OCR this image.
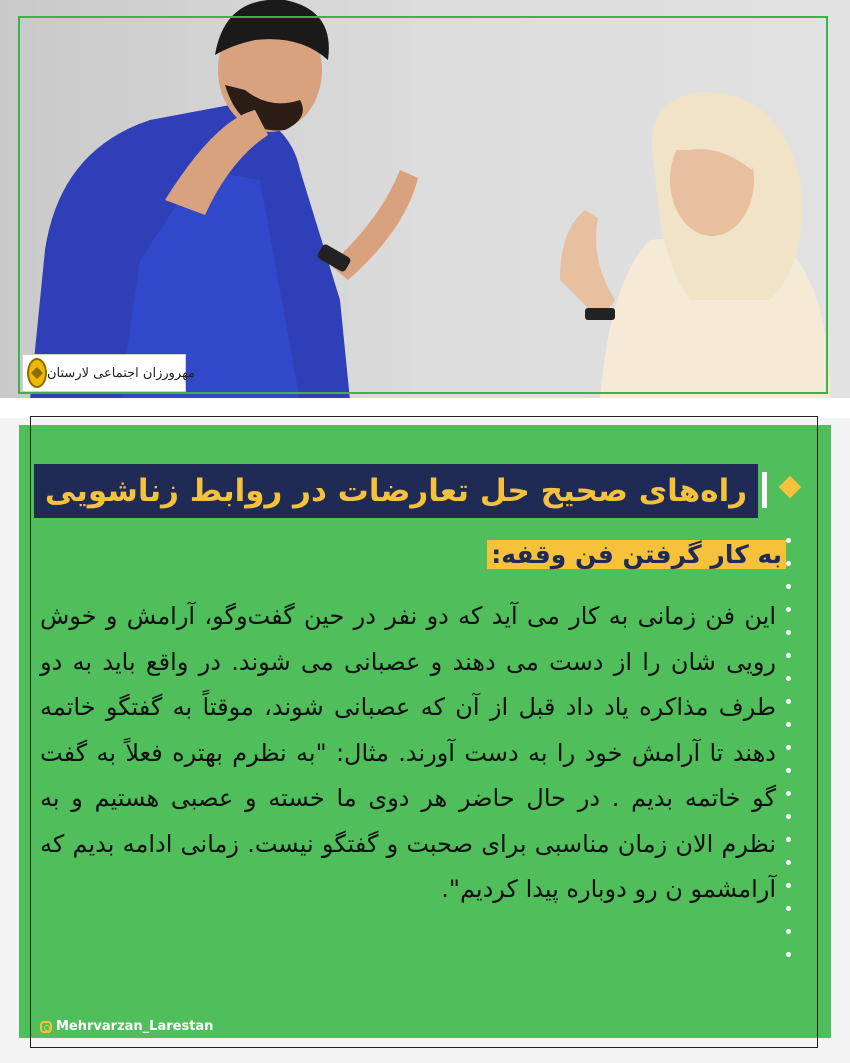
مهرورزان اجتماعی لارستان
راه‌های صحیح حل تعارضات در روابط زناشویی
به کار گرفتن فن وقفه:
این فن زمانی به کار می آید که دو نفر در حین گفت‌وگو، آرامش و خوش رویی شان را از دست می دهند و عصبانی می شوند. در واقع باید به دو طرف مذاکره یاد داد قبل از آن که عصبانی شوند، موقتاً به گفتگو خاتمه دهند تا آرامش خود را به دست آورند. مثال: "به نظرم بهتره فعلاً به گفت گو خاتمه بدیم . در حال حاضر هر دوی ما خسته و عصبی هستیم و به نظرم الان زمان مناسبی برای صحبت و گفتگو نیست. زمانی ادامه بدیم که آرامشمو ن رو دوباره پیدا کردیم".
Mehrvarzan_Larestan
